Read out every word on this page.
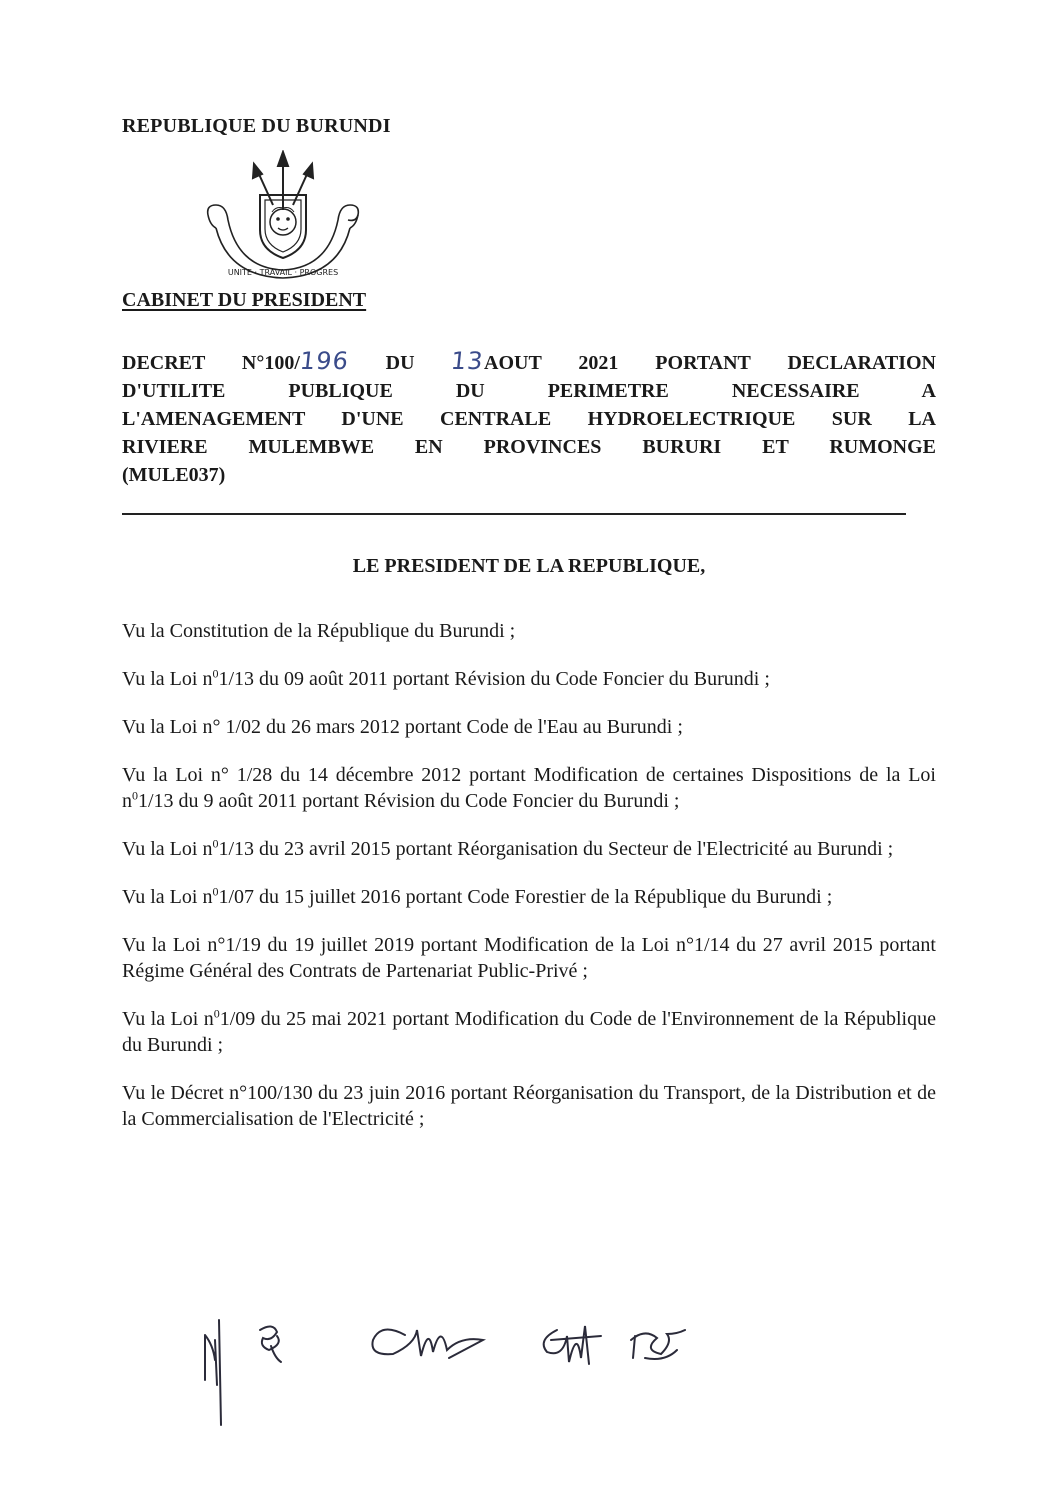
REPUBLIQUE DU BURUNDI
UNITE · TRAVAIL · PROGRES
CABINET DU PRESIDENT
DECRET N°100/196 DU 13AOUT 2021 PORTANT DECLARATION
D'UTILITE PUBLIQUE DU PERIMETRE NECESSAIRE A
L'AMENAGEMENT D'UNE CENTRALE HYDROELECTRIQUE SUR LA
RIVIERE MULEMBWE EN PROVINCES BURURI ET RUMONGE
(MULE037)
LE PRESIDENT DE LA REPUBLIQUE,

Vu la Constitution de la République du Burundi ;

Vu la Loi $n^01/13$ du 09 août 2011 portant Révision du Code Foncier du Burundi ;

Vu la Loi n° 1/02 du 26 mars 2012 portant Code de l'Eau au Burundi ;

Vu la Loi n° 1/28 du 14 décembre 2012 portant Modification de certaines Dispositions de la Loi $n^01/13$ du 9 août 2011 portant Révision du Code Foncier du Burundi ;

Vu la Loi $n^01/13$ du 23 avril 2015 portant Réorganisation du Secteur de l'Electricité au Burundi ;

Vu la Loi $n^01/07$ du 15 juillet 2016 portant Code Forestier de la République du Burundi ;

Vu la Loi n°1/19 du 19 juillet 2019 portant Modification de la Loi n°1/14 du 27 avril 2015 portant Régime Général des Contrats de Partenariat Public-Privé ;

Vu la Loi $n^01/09$ du 25 mai 2021 portant Modification du Code de l'Environnement de la République du Burundi ;

Vu le Décret n°100/130 du 23 juin 2016 portant Réorganisation du Transport, de la Distribution et de la Commercialisation de l'Electricité ;
